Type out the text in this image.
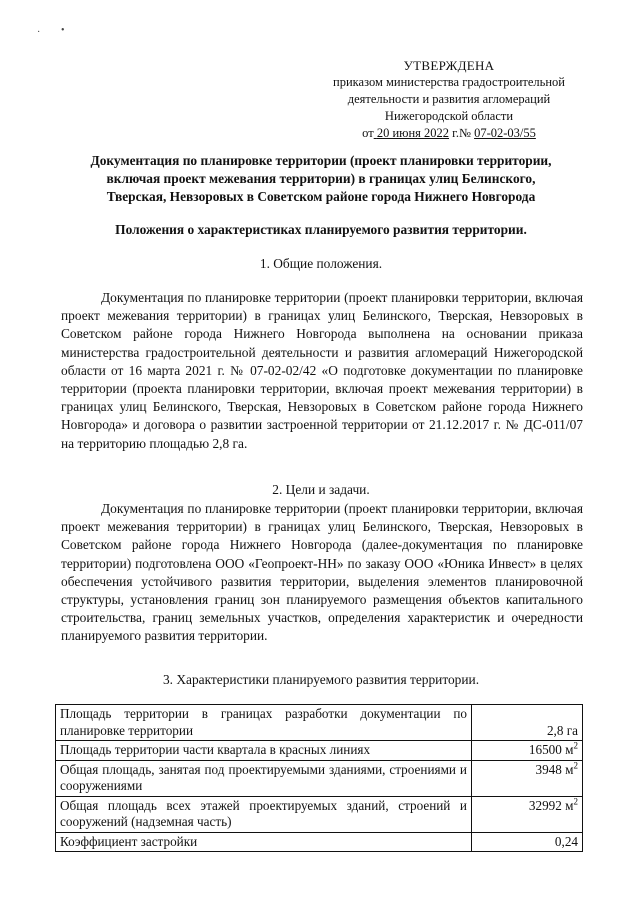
· •
УТВЕРЖДЕНА
приказом министерства градостроительной
деятельности и развития агломераций
Нижегородской области
от 20 июня 2022 г.№ 07-02-03/55
Документация по планировке территории (проект планировки территории,
включая проект межевания территории) в границах улиц Белинского,
Тверская, Невзоровых в Советском районе города Нижнего Новгорода
Положения о характеристиках планируемого развития территории.
1. Общие положения.

Документация по планировке территории (проект планировки территории, включая проект межевания территории) в границах улиц Белинского, Тверская, Невзоровых в Советском районе города Нижнего Новгорода выполнена на основании приказа министерства градостроительной деятельности и развития агломераций Нижегородской области от 16 марта 2021 г. № 07-02-02/42 «О подготовке документации по планировке территории (проекта планировки территории, включая проект межевания территории) в границах улиц Белинского, Тверская, Невзоровых в Советском районе города Нижнего Новгорода» и договора о развитии застроенной территории от 21.12.2017 г. № ДС-011/07 на территорию площадью 2,8 га.

2. Цели и задачи.

Документация по планировке территории (проект планировки территории, включая проект межевания территории) в границах улиц Белинского, Тверская, Невзоровых в Советском районе города Нижнего Новгорода (далее-документация по планировке территории) подготовлена ООО «Геопроект-НН» по заказу ООО «Юника Инвест» в целях обеспечения устойчивого развития территории, выделения элементов планировочной структуры, установления границ зон планируемого размещения объектов капитального строительства, границ земельных участков, определения характеристик и очередности планируемого развития территории.

3. Характеристики планируемого развития территории.
Площадь территории в границах разработки документации по планировке территории	2,8 га
Площадь территории части квартала в красных линиях	16500 $м^2$
Общая площадь, занятая под проектируемыми зданиями, строениями и сооружениями	3948 $м^2$
Общая площадь всех этажей проектируемых зданий, строений и сооружений (надземная часть)	32992 $м^2$
Коэффициент застройки	0,24
